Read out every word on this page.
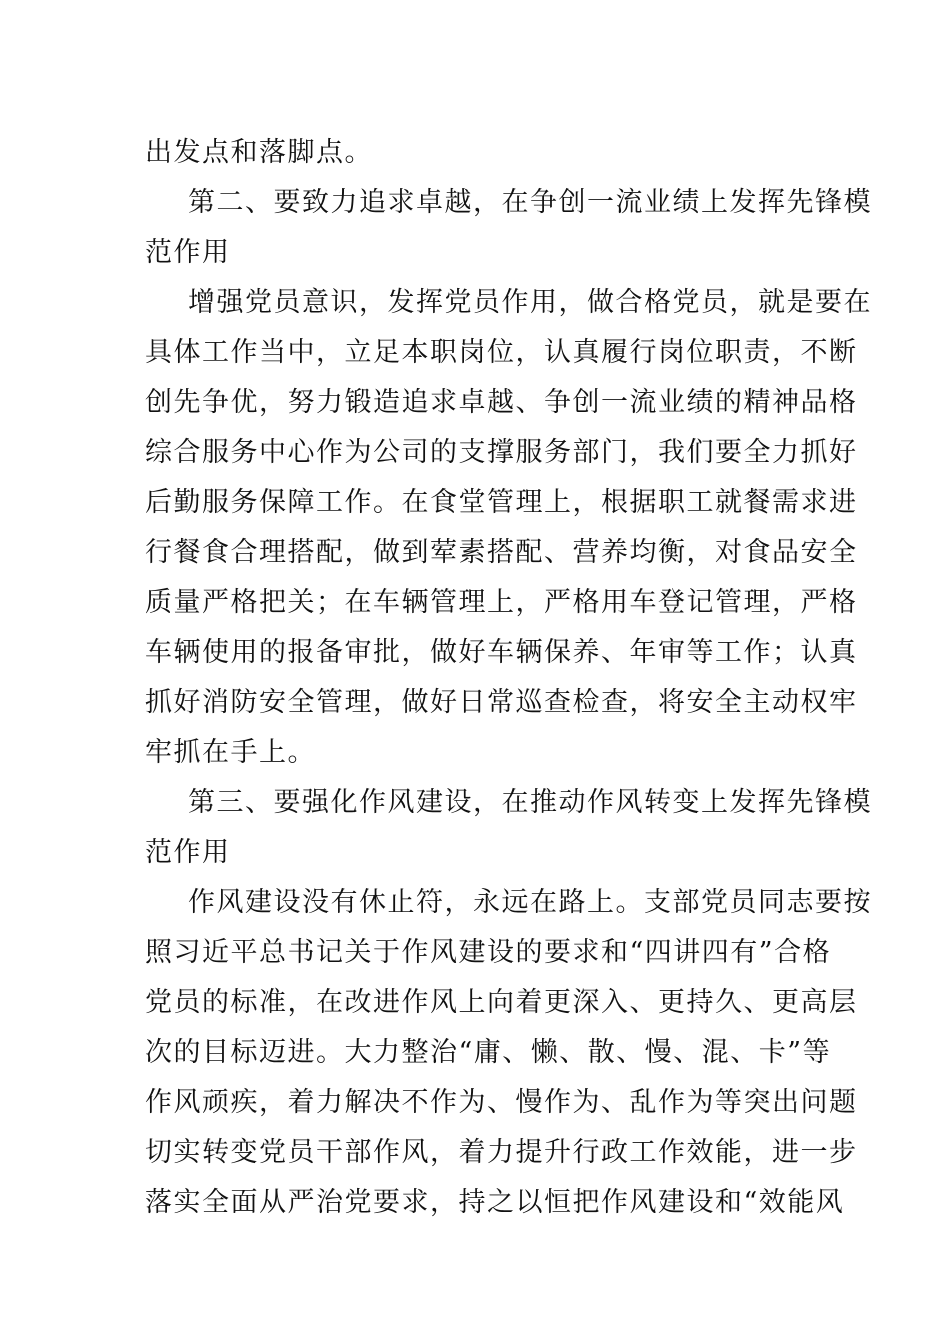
出发点和落脚点。

第二、要致力追求卓越，在争创一流业绩上发挥先锋模
范作用

增强党员意识，发挥党员作用，做合格党员，就是要在
具体工作当中，立足本职岗位，认真履行岗位职责，不断
创先争优，努力锻造追求卓越、争创一流业绩的精神品格
综合服务中心作为公司的支撑服务部门，我们要全力抓好
后勤服务保障工作。在食堂管理上，根据职工就餐需求进
行餐食合理搭配，做到荤素搭配、营养均衡，对食品安全
质量严格把关；在车辆管理上，严格用车登记管理，严格
车辆使用的报备审批，做好车辆保养、年审等工作；认真
抓好消防安全管理，做好日常巡查检查，将安全主动权牢
牢抓在手上。

第三、要强化作风建设，在推动作风转变上发挥先锋模
范作用

作风建设没有休止符，永远在路上。支部党员同志要按
照习近平总书记关于作风建设的要求和“四讲四有”合格
党员的标准，在改进作风上向着更深入、更持久、更高层
次的目标迈进。大力整治“庸、懒、散、慢、混、卡”等
作风顽疾，着力解决不作为、慢作为、乱作为等突出问题
切实转变党员干部作风，着力提升行政工作效能，进一步
落实全面从严治党要求，持之以恒把作风建设和“效能风
